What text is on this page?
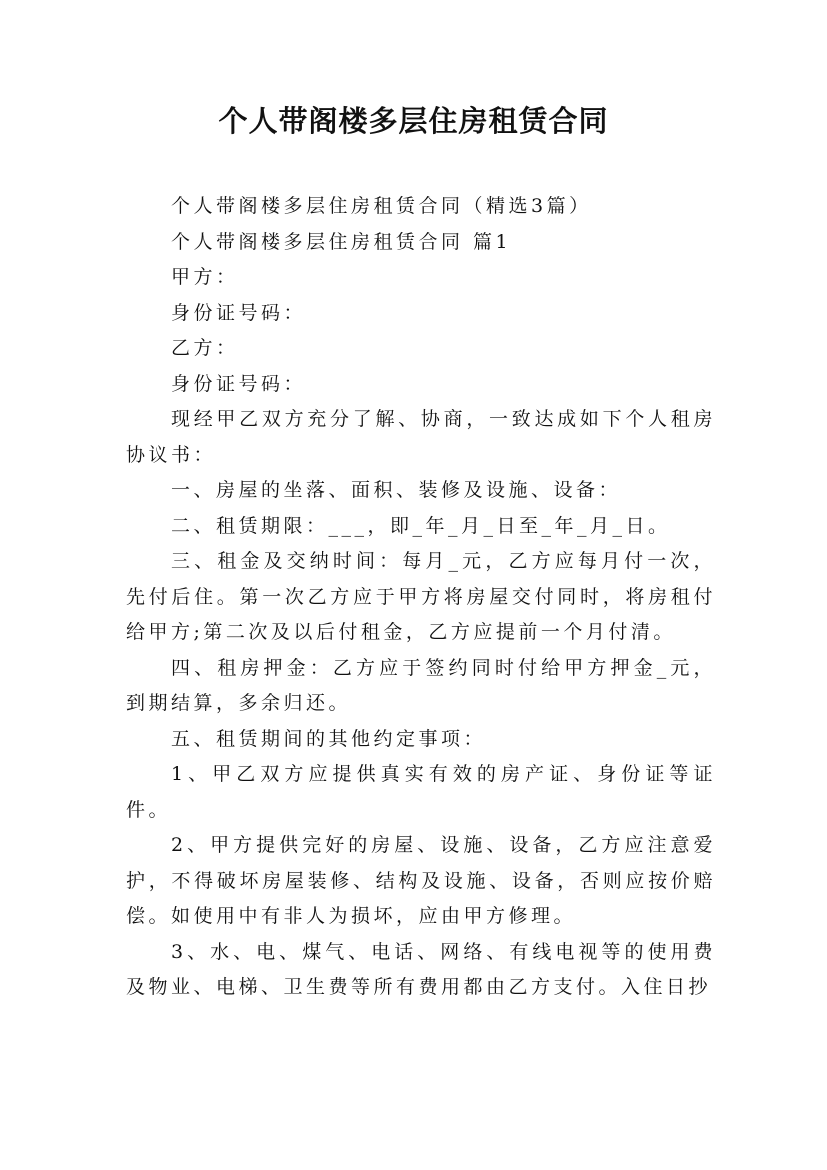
个人带阁楼多层住房租赁合同

个人带阁楼多层住房租赁合同（精选3篇）

个人带阁楼多层住房租赁合同 篇1

甲方：

身份证号码：

乙方：

身份证号码：

现经甲乙双方充分了解、协商，一致达成如下个人租房协议书：

一、房屋的坐落、面积、装修及设施、设备：

二、租赁期限：___，即_年_月_日至_年_月_日。

三、租金及交纳时间：每月_元，乙方应每月付一次，先付后住。第一次乙方应于甲方将房屋交付同时，将房租付给甲方;第二次及以后付租金，乙方应提前一个月付清。

四、租房押金：乙方应于签约同时付给甲方押金_元，到期结算，多余归还。

五、租赁期间的其他约定事项：

1、甲乙双方应提供真实有效的房产证、身份证等证件。

2、甲方提供完好的房屋、设施、设备，乙方应注意爱护，不得破坏房屋装修、结构及设施、设备，否则应按价赔偿。如使用中有非人为损坏，应由甲方修理。

3、水、电、煤气、电话、网络、有线电视等的使用费及物业、电梯、卫生费等所有费用都由乙方支付。入住日抄
